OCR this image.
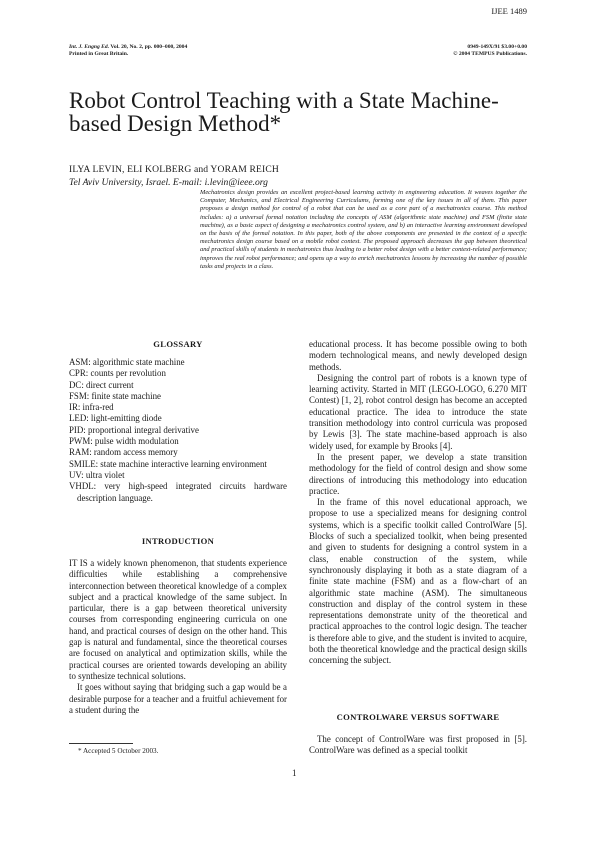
IJEE 1489
Int. J. Engng Ed. Vol. 20, No. 2, pp. 000–000, 2004
Printed in Great Britain.
0949-149X/91 $3.00+0.00
© 2004 TEMPUS Publications.
Robot Control Teaching with a State Machine-based Design Method*
ILYA LEVIN, ELI KOLBERG and YORAM REICH
Tel Aviv University, Israel. E-mail: i.levin@ieee.org
Mechatronics design provides an excellent project-based learning activity in engineering education. It weaves together the Computer, Mechanics, and Electrical Engineering Curriculums, forming one of the key issues in all of them. This paper proposes a design method for control of a robot that can be used as a core part of a mechatronics course. This method includes: a) a universal formal notation including the concepts of ASM (algorithmic state machine) and FSM (finite state machine), as a basic aspect of designing a mechatronics control system, and b) an interactive learning environment developed on the basis of the formal notation. In this paper, both of the above components are presented in the context of a specific mechatronics design course based on a mobile robot contest. The proposed approach decreases the gap between theoretical and practical skills of students in mechatronics thus leading to a better robot design with a better context-related performance; improves the real robot performance; and opens up a way to enrich mechatronics lessons by increasing the number of possible tasks and projects in a class.
GLOSSARY

ASM: algorithmic state machine

CPR: counts per revolution

DC: direct current

FSM: finite state machine

IR: infra-red

LED: light-emitting diode

PID: proportional integral derivative

PWM: pulse width modulation

RAM: random access memory

SMILE: state machine interactive learning environment

UV: ultra violet

VHDL: very high-speed integrated circuits hardware description language.

INTRODUCTION

IT IS a widely known phenomenon, that students experience difficulties while establishing a comprehensive interconnection between theoretical knowledge of a complex subject and a practical knowledge of the same subject. In particular, there is a gap between theoretical university courses from corresponding engineering curricula on one hand, and practical courses of design on the other hand. This gap is natural and fundamental, since the theoretical courses are focused on analytical and optimization skills, while the practical courses are oriented towards developing an ability to synthesize technical solutions.

It goes without saying that bridging such a gap would be a desirable purpose for a teacher and a fruitful achievement for a student during the

* Accepted 5 October 2003.

educational process. It has become possible owing to both modern technological means, and newly developed design methods.

Designing the control part of robots is a known type of learning activity. Started in MIT (LEGO-LOGO, 6.270 MIT Contest) [1, 2], robot control design has become an accepted educational practice. The idea to introduce the state transition methodology into control curricula was proposed by Lewis [3]. The state machine-based approach is also widely used, for example by Brooks [4].

In the present paper, we develop a state transition methodology for the field of control design and show some directions of introducing this methodology into education practice.

In the frame of this novel educational approach, we propose to use a specialized means for designing control systems, which is a specific toolkit called ControlWare [5]. Blocks of such a specialized toolkit, when being presented and given to students for designing a control system in a class, enable construction of the system, while synchronously displaying it both as a state diagram of a finite state machine (FSM) and as a flow-chart of an algorithmic state machine (ASM). The simultaneous construction and display of the control system in these representations demonstrate unity of the theoretical and practical approaches to the control logic design. The teacher is therefore able to give, and the student is invited to acquire, both the theoretical knowledge and the practical design skills concerning the subject.

CONTROLWARE VERSUS SOFTWARE

The concept of ControlWare was first proposed in [5]. ControlWare was defined as a special toolkit

1
